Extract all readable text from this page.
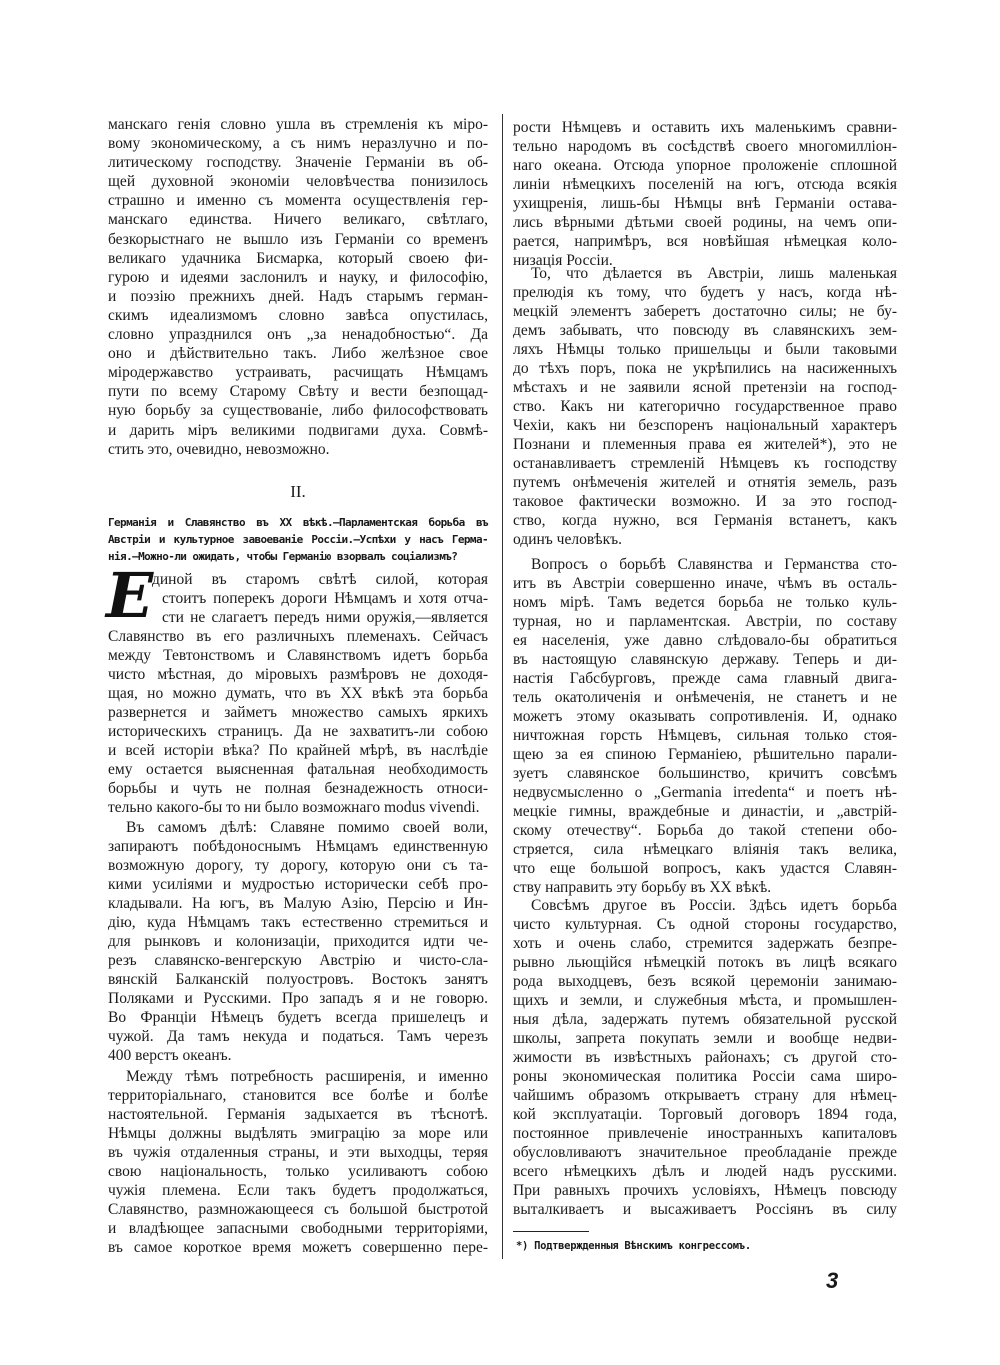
манскаго генія словно ушла въ стремленія къ міро-
вому экономическому, а съ нимъ неразлучно и по-
литическому господству. Значеніе Германіи въ об-
щей духовной экономіи человѣчества понизилось
страшно и именно съ момента осуществленія гер-
манскаго единства. Ничего великаго, свѣтлаго,
безкорыстнаго не вышло изъ Германіи со временъ
великаго удачника Бисмарка, который своею фи-
гурою и идеями заслонилъ и науку, и философію,
и поэзію прежнихъ дней. Надъ старымъ герман-
скимъ идеализмомъ словно завѣса опустилась,
словно упразднился онъ „за ненадобностью“. Да
оно и дѣйствительно такъ. Либо желѣзное свое
міродержавство устраивать, расчищать Нѣмцамъ
пути по всему Старому Свѣту и вести безпощад-
ную борьбу за существованіе, либо философствовать
и дарить міръ великими подвигами духа. Совмѣ-
стить это, очевидно, невозможно.
II.
Германія и Славянство въ XX вѣкѣ.—Парламентская борьба въ
Австріи и культурное завоеваніе Россіи.—Успѣхи у насъ Герма-
нія.—Можно-ли ожидать, чтобы Германію взорвалъ соціализмъ?
Е
диной въ старомъ свѣтѣ силой, которая
стоитъ поперекъ дороги Нѣмцамъ и хотя отча-
сти не слагаетъ передъ ними оружія,—является
Славянство въ его различныхъ племенахъ. Сейчасъ
между Тевтонствомъ и Славянствомъ идетъ борьба
чисто мѣстная, до міровыхъ размѣровъ не доходя-
щая, но можно думать, что въ XX вѣкѣ эта борьба
развернется и займетъ множество самыхъ яркихъ
историческихъ страницъ. Да не захватитъ-ли собою
и всей исторіи вѣка? По крайней мѣрѣ, въ наслѣдіе
ему остается выясненная фатальная необходимость
борьбы и чуть не полная безнадежность относи-
тельно какого-бы то ни было возможнаго modus vivendi.
Въ самомъ дѣлѣ: Славяне помимо своей воли,
запираютъ побѣдоноснымъ Нѣмцамъ единственную
возможную дорогу, ту дорогу, которую они съ та-
кими усиліями и мудростью исторически себѣ про-
кладывали. На югъ, въ Малую Азію, Персію и Ин-
дію, куда Нѣмцамъ такъ естественно стремиться и
для рынковъ и колонизаціи, приходится идти че-
резъ славянско-венгерскую Австрію и чисто-сла-
вянскій Балканскій полуостровъ. Востокъ занятъ
Поляками и Русскими. Про западъ я и не говорю.
Во Франціи Нѣмецъ будетъ всегда пришелецъ и
чужой. Да тамъ некуда и податься. Тамъ черезъ
400 верстъ океанъ.
Между тѣмъ потребность расширенія, и именно
территоріальнаго, становится все болѣе и болѣе
настоятельной. Германія задыхается въ тѣснотѣ.
Нѣмцы должны выдѣлять эмиграцію за море или
въ чужія отдаленныя страны, и эти выходцы, теряя
свою національность, только усиливаютъ собою
чужія племена. Если такъ будетъ продолжаться,
Славянство, размножающееся съ большой быстротой
и владѣющее запасными свободными территоріями,
въ самое короткое время можетъ совершенно пере-
рости Нѣмцевъ и оставить ихъ маленькимъ сравни-
тельно народомъ въ сосѣдствѣ своего многомилліон-
наго океана. Отсюда упорное проложеніе сплошной
линіи нѣмецкихъ поселеній на югъ, отсюда всякія
ухищренія, лишь-бы Нѣмцы внѣ Германіи остава-
лись вѣрными дѣтьми своей родины, на чемъ опи-
рается, напримѣръ, вся новѣйшая нѣмецкая коло-
низація Россіи.
То, что дѣлается въ Австріи, лишь маленькая
прелюдія къ тому, что будетъ у насъ, когда нѣ-
мецкій элементъ заберетъ достаточно силы; не бу-
демъ забывать, что повсюду въ славянскихъ зем-
ляхъ Нѣмцы только пришельцы и были таковыми
до тѣхъ поръ, пока не укрѣпились на насиженныхъ
мѣстахъ и не заявили ясной претензіи на господ-
ство. Какъ ни категорично государственное право
Чехіи, какъ ни безспоренъ національный характеръ
Познани и племенныя права ея жителей*), это не
останавливаетъ стремленій Нѣмцевъ къ господству
путемъ онѣмеченія жителей и отнятія земель, разъ
таковое фактически возможно. И за это господ-
ство, когда нужно, вся Германія встанетъ, какъ
одинъ человѣкъ.
Вопросъ о борьбѣ Славянства и Германства сто-
итъ въ Австріи совершенно иначе, чѣмъ въ осталь-
номъ мірѣ. Тамъ ведется борьба не только куль-
турная, но и парламентская. Австріи, по составу
ея населенія, уже давно слѣдовало-бы обратиться
въ настоящую славянскую державу. Теперь и ди-
настія Габсбурговъ, прежде сама главный двига-
тель окатоличенія и онѣмеченія, не станетъ и не
можетъ этому оказывать сопротивленія. И, однако
ничтожная горсть Нѣмцевъ, сильная только стоя-
щею за ея спиною Германіею, рѣшительно парали-
зуетъ славянское большинство, кричитъ совсѣмъ
недвусмысленно о „Germania irredenta“ и поетъ нѣ-
мецкіе гимны, враждебные и династіи, и „австрій-
скому отечеству“. Борьба до такой степени обо-
стряется, сила нѣмецкаго вліянія такъ велика,
что еще большой вопросъ, какъ удастся Славян-
ству направить эту борьбу въ XX вѣкѣ.
Совсѣмъ другое въ Россіи. Здѣсь идетъ борьба
чисто культурная. Съ одной стороны государство,
хоть и очень слабо, стремится задержать безпре-
рывно льющійся нѣмецкій потокъ въ лицѣ всякаго
рода выходцевъ, безъ всякой церемоніи занимаю-
щихъ и земли, и служебныя мѣста, и промышлен-
ныя дѣла, задержать путемъ обязательной русской
школы, запрета покупать земли и вообще недви-
жимости въ извѣстныхъ районахъ; съ другой сто-
роны экономическая политика Россіи сама широ-
чайшимъ образомъ открываетъ страну для нѣмец-
кой эксплуатаціи. Торговый договоръ 1894 года,
постоянное привлеченіе иностранныхъ капиталовъ
обусловливаютъ значительное преобладаніе прежде
всего нѣмецкихъ дѣлъ и людей надъ русскими.
При равныхъ прочихъ условіяхъ, Нѣмецъ повсюду
выталкиваетъ и высаживаетъ Россіянъ въ силу
*) Подтвержденныя Вѣнскимъ конгрессомъ.
3
